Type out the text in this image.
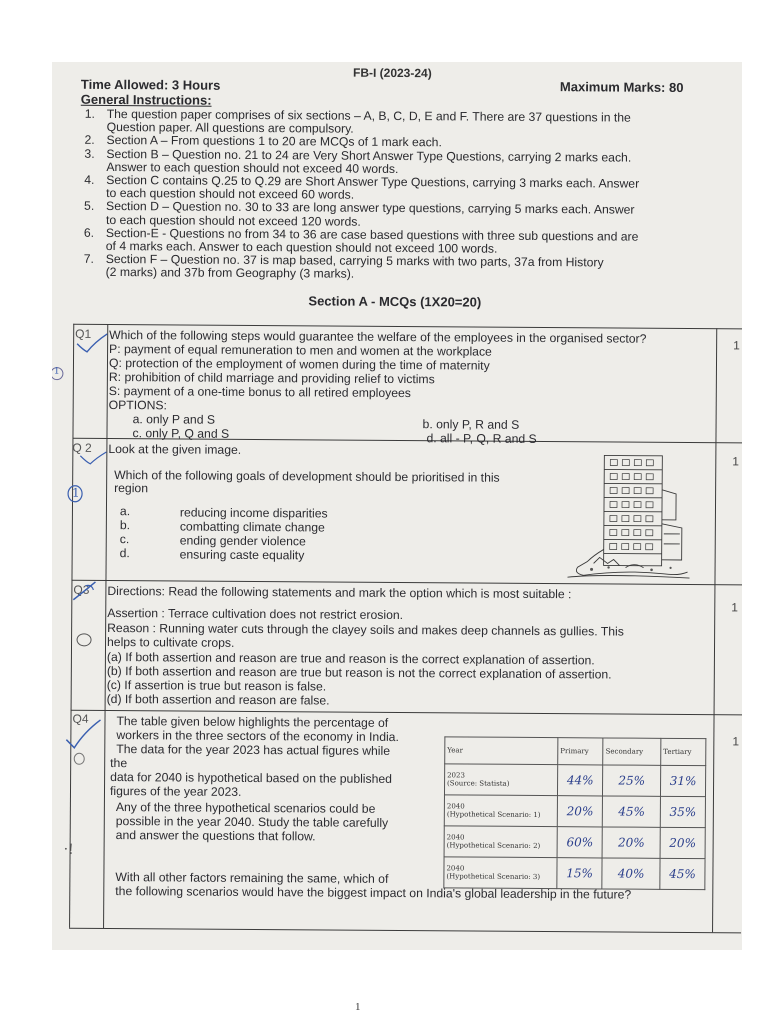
FB-I (2023-24)
Time Allowed: 3 Hours	Maximum Marks: 80
General Instructions:
1. The question paper comprises of six sections – A, B, C, D, E and F. There are 37 questions in the
Question paper. All questions are compulsory.
2. Section A – From questions 1 to 20 are MCQs of 1 mark each.
3. Section B – Question no. 21 to 24 are Very Short Answer Type Questions, carrying 2 marks each.
Answer to each question should not exceed 40 words.
4. Section C contains Q.25 to Q.29 are Short Answer Type Questions, carrying 3 marks each. Answer
to each question should not exceed 60 words.
5. Section D – Question no. 30 to 33 are long answer type questions, carrying 5 marks each. Answer
to each question should not exceed 120 words.
6. Section-E - Questions no from 34 to 36 are case based questions with three sub questions and are
of 4 marks each. Answer to each question should not exceed 100 words.
7. Section F – Question no. 37 is map based, carrying 5 marks with two parts, 37a from History
(2 marks) and 37b from Geography (3 marks).
Section A - MCQs (1X20=20)
Q1
1
Which of the following steps would guarantee the welfare of the employees in the organised sector?
P: payment of equal remuneration to men and women at the workplace
Q: protection of the employment of women during the time of maternity
R: prohibition of child marriage and providing relief to victims
S: payment of a one-time bonus to all retired employees
OPTIONS:
a. only P and S	b. only P, R and S
c. only P, Q and S	d. all - P, Q, R and S
Q 2
1
Look at the given image.
Which of the following goals of development should be prioritised in this
region
a.	reducing income disparities
b.	combatting climate change
c.	ending gender violence
d.	ensuring caste equality
Q3
1
Directions: Read the following statements and mark the option which is most suitable :
Assertion : Terrace cultivation does not restrict erosion.
Reason : Running water cuts through the clayey soils and makes deep channels as gullies. This
helps to cultivate crops.
(a) If both assertion and reason are true and reason is the correct explanation of assertion.
(b) If both assertion and reason are true but reason is not the correct explanation of assertion.
(c) If assertion is true but reason is false.
(d) If both assertion and reason are false.
Q4
1
The table given below highlights the percentage of
workers in the three sectors of the economy in India.
The data for the year 2023 has actual figures while
the
data for 2040 is hypothetical based on the published
figures of the year 2023.
Any of the three hypothetical scenarios could be
possible in the year 2040. Study the table carefully
and answer the questions that follow.
With all other factors remaining the same, which of
the following scenarios would have the biggest impact on India's global leadership in the future?
Year	Primary	Secondary	Tertiary

2023
(Source: Statista)	44%	25%	31%

2040
(Hypothetical Scenario: 1)	20%	45%	35%

2040
(Hypothetical Scenario: 2)	60%	20%	20%

2040
(Hypothetical Scenario: 3)	15%	40%	45%
1
1
·!
1
